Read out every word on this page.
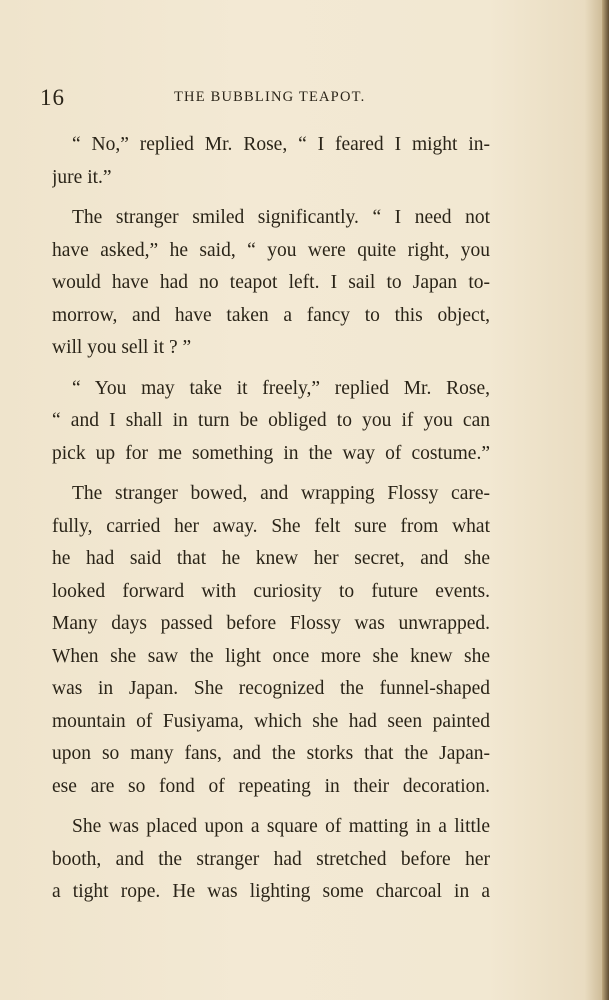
16	THE BUBBLING TEAPOT.
“ No,” replied Mr. Rose, “ I feared I might in-
jure it.”
The stranger smiled significantly. “ I need not
have asked,” he said, “ you were quite right, you
would have had no teapot left. I sail to Japan to-
morrow, and have taken a fancy to this object,
will you sell it ? ”
“ You may take it freely,” replied Mr. Rose,
“ and I shall in turn be obliged to you if you can
pick up for me something in the way of costume.”
The stranger bowed, and wrapping Flossy care-
fully, carried her away. She felt sure from what
he had said that he knew her secret, and she
looked forward with curiosity to future events.
Many days passed before Flossy was unwrapped.
When she saw the light once more she knew she
was in Japan. She recognized the funnel-shaped
mountain of Fusiyama, which she had seen painted
upon so many fans, and the storks that the Japan-
ese are so fond of repeating in their decoration.
She was placed upon a square of matting in a little
booth, and the stranger had stretched before her
a tight rope. He was lighting some charcoal in a
